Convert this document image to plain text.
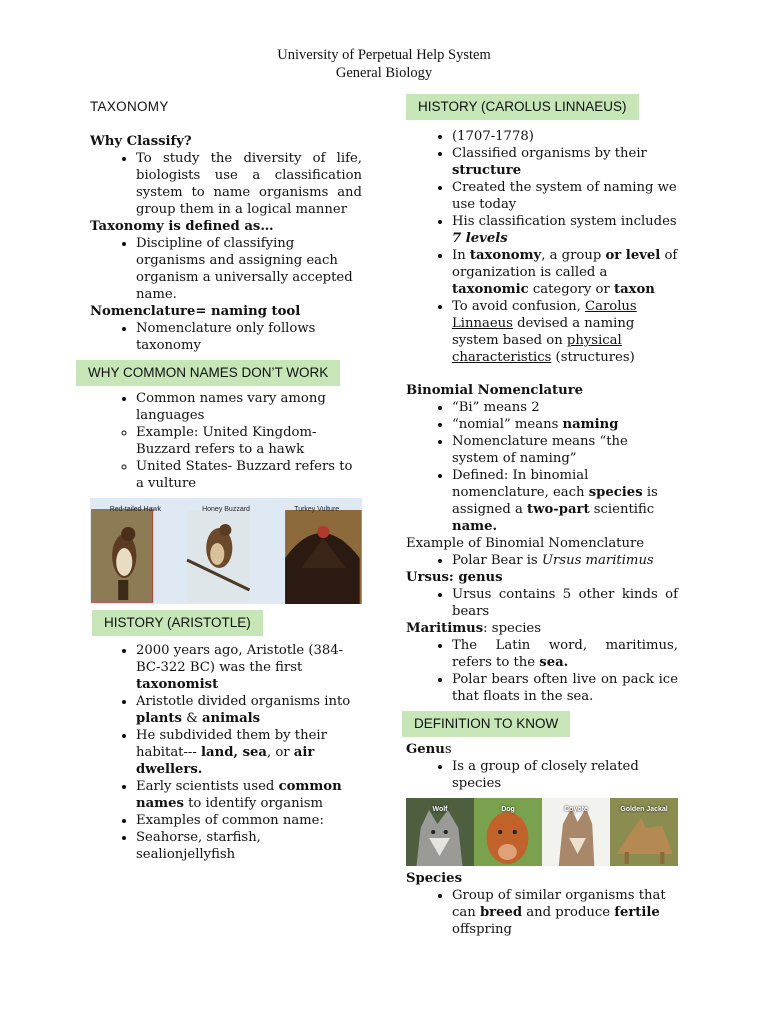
University of Perpetual Help System
General Biology
TAXONOMY

Why Classify?

• To study the diversity of life, biologists use a classification system to name organisms and group them in a logical manner

Taxonomy is defined as…

• Discipline of classifying organisms and assigning each organism a universally accepted name.

Nomenclature= naming tool

• Nomenclature only follows taxonomy
WHY COMMON NAMES DON’T WORK
• Common names vary among languages
◦ Example: United Kingdom- Buzzard refers to a hawk
◦ United States- Buzzard refers to a vulture
Red-tailed Hawk	Honey Buzzard	Turkey Vulture
HISTORY (ARISTOTLE)
• 2000 years ago, Aristotle (384-BC-322 BC) was the first taxonomist
• Aristotle divided organisms into plants & animals
• He subdivided them by their habitat--- land, sea, or air dwellers.
• Early scientists used common names to identify organism
• Examples of common name:
• Seahorse, starfish, sealionjellyfish
HISTORY (CAROLUS LINNAEUS)
• (1707-1778)
• Classified organisms by their structure
• Created the system of naming we use today
• His classification system includes 7 levels
• In taxonomy, a group or level of organization is called a taxonomic category or taxon
• To avoid confusion, Carolus Linnaeus devised a naming system based on physical characteristics (structures)

Binomial Nomenclature

• “Bi” means 2
• “nomial” means naming
• Nomenclature means “the system of naming”
• Defined: In binomial nomenclature, each species is assigned a two-part scientific name.

Example of Binomial Nomenclature

• Polar Bear is Ursus maritimus

Ursus: genus

• Ursus contains 5 other kinds of bears

Maritimus: species

• The Latin word, maritimus, refers to the sea.
• Polar bears often live on pack ice that floats in the sea.
DEFINITION TO KNOW

Genus

• Is a group of closely related species
Wolf	Dog	Coyote	Golden Jackal

Species

• Group of similar organisms that can breed and produce fertile offspring
